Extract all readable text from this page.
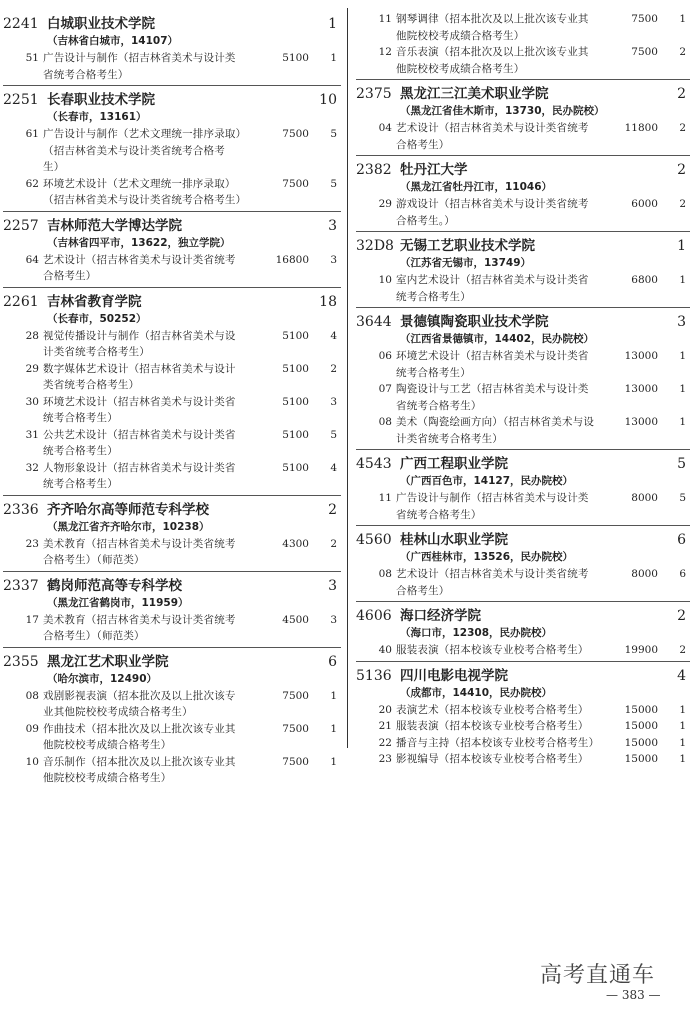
2241 白城职业技术学院	1
（吉林省白城市，14107）
51 广告设计与制作（招吉林省美术与设计类
省统考合格考生）
5100	1
2251 长春职业技术学院	10
（长春市，13161）
61 广告设计与制作（艺术文理统一排序录取）
（招吉林省美术与设计类省统考合格考
生）
7500	5
62 环境艺术设计（艺术文理统一排序录取）
（招吉林省美术与设计类省统考合格考生）
7500	5
2257 吉林师范大学博达学院	3
（吉林省四平市，13622，独立学院）
64 艺术设计（招吉林省美术与设计类省统考
合格考生）
16800	3
2261 吉林省教育学院	18
（长春市，50252）
28 视觉传播设计与制作（招吉林省美术与设
计类省统考合格考生）
5100	4
29 数字媒体艺术设计（招吉林省美术与设计
类省统考合格考生）
5100	2
30 环境艺术设计（招吉林省美术与设计类省
统考合格考生）
5100	3
31 公共艺术设计（招吉林省美术与设计类省
统考合格考生）
5100	5
32 人物形象设计（招吉林省美术与设计类省
统考合格考生）
5100	4
2336 齐齐哈尔高等师范专科学校	2
（黑龙江省齐齐哈尔市，10238）
23 美术教育（招吉林省美术与设计类省统考
合格考生）（师范类）
4300	2
2337 鹤岗师范高等专科学校	3
（黑龙江省鹤岗市，11959）
17 美术教育（招吉林省美术与设计类省统考
合格考生）（师范类）
4500	3
2355 黑龙江艺术职业学院	6
（哈尔滨市，12490）
08 戏剧影视表演（招本批次及以上批次该专
业其他院校校考成绩合格考生）
7500	1
09 作曲技术（招本批次及以上批次该专业其
他院校校考成绩合格考生）
7500	1
10 音乐制作（招本批次及以上批次该专业其
他院校校考成绩合格考生）
7500	1
11 钢琴调律（招本批次及以上批次该专业其
他院校校考成绩合格考生）
7500	1
12 音乐表演（招本批次及以上批次该专业其
他院校校考成绩合格考生）
7500	2
2375 黑龙江三江美术职业学院	2
（黑龙江省佳木斯市，13730，民办院校）
04 艺术设计（招吉林省美术与设计类省统考
合格考生）
11800	2
2382 牡丹江大学	2
（黑龙江省牡丹江市，11046）
29 游戏设计（招吉林省美术与设计类省统考
合格考生。）
6000	2
32D8 无锡工艺职业技术学院	1
（江苏省无锡市，13749）
10 室内艺术设计（招吉林省美术与设计类省
统考合格考生）
6800	1
3644 景德镇陶瓷职业技术学院	3
（江西省景德镇市，14402，民办院校）
06 环境艺术设计（招吉林省美术与设计类省
统考合格考生）
13000	1
07 陶瓷设计与工艺（招吉林省美术与设计类
省统考合格考生）
13000	1
08 美术（陶瓷绘画方向）（招吉林省美术与设
计类省统考合格考生）
13000	1
4543 广西工程职业学院	5
（广西百色市，14127，民办院校）
11 广告设计与制作（招吉林省美术与设计类
省统考合格考生）
8000	5
4560 桂林山水职业学院	6
（广西桂林市，13526，民办院校）
08 艺术设计（招吉林省美术与设计类省统考
合格考生）
8000	6
4606 海口经济学院	2
（海口市，12308，民办院校）
40 服装表演（招本校该专业校考合格考生）	19900	2
5136 四川电影电视学院	4
（成都市，14410，民办院校）
20 表演艺术（招本校该专业校考合格考生）	15000	1
21 服装表演（招本校该专业校考合格考生）	15000	1
22 播音与主持（招本校该专业校考合格考生）	15000	1
23 影视编导（招本校该专业校考合格考生）	15000	1
高考直通车
— 383 —
